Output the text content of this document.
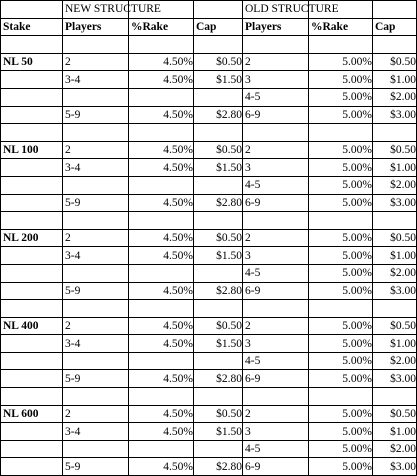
	NEW STRUCTURE			OLD STRUCTURE		
Stake	Players	%Rake	Cap	Players	%Rake	Cap

NL 50	2	4.50%	$0.50	2	5.00%	$0.50
	3-4	4.50%	$1.50	3	5.00%	$1.00
				4-5	5.00%	$2.00
	5-9	4.50%	$2.80	6-9	5.00%	$3.00

NL 100	2	4.50%	$0.50	2	5.00%	$0.50
	3-4	4.50%	$1.50	3	5.00%	$1.00
				4-5	5.00%	$2.00
	5-9	4.50%	$2.80	6-9	5.00%	$3.00

NL 200	2	4.50%	$0.50	2	5.00%	$0.50
	3-4	4.50%	$1.50	3	5.00%	$1.00
				4-5	5.00%	$2.00
	5-9	4.50%	$2.80	6-9	5.00%	$3.00

NL 400	2	4.50%	$0.50	2	5.00%	$0.50
	3-4	4.50%	$1.50	3	5.00%	$1.00
				4-5	5.00%	$2.00
	5-9	4.50%	$2.80	6-9	5.00%	$3.00

NL 600	2	4.50%	$0.50	2	5.00%	$0.50
	3-4	4.50%	$1.50	3	5.00%	$1.00
				4-5	5.00%	$2.00
	5-9	4.50%	$2.80	6-9	5.00%	$3.00
